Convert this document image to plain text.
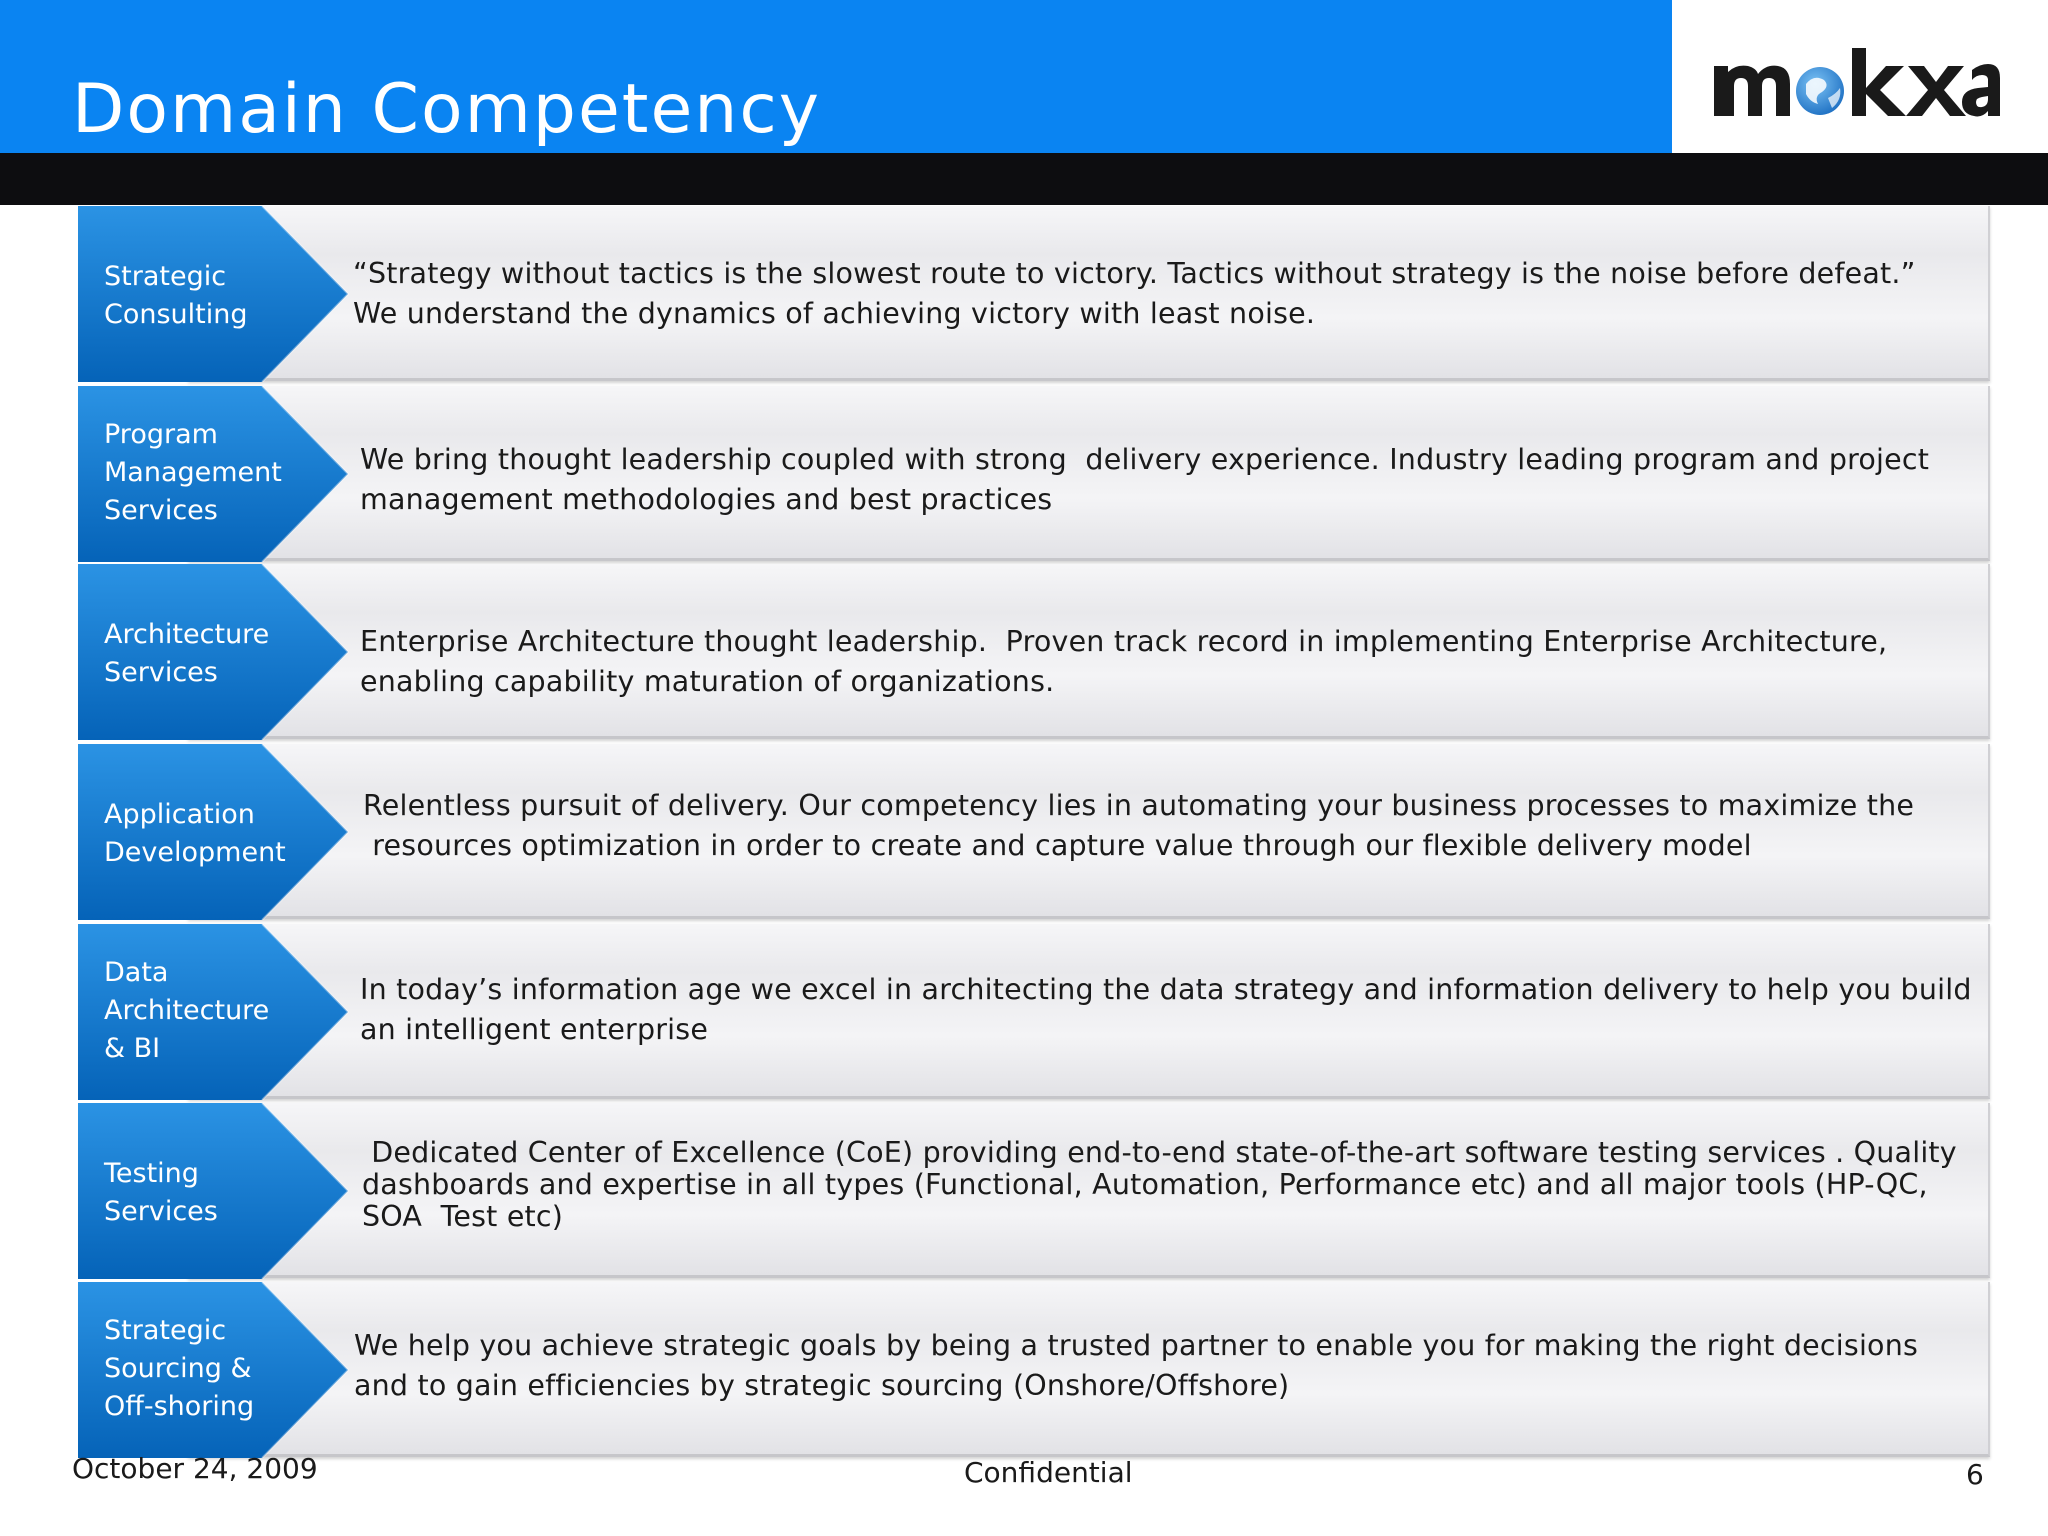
Domain Competency
Strategic
Consulting
“Strategy without tactics is the slowest route to victory. Tactics without strategy is the noise before defeat.”
We understand the dynamics of achieving victory with least noise.
Program
Management
Services
We bring thought leadership coupled with strong  delivery experience. Industry leading program and project
management methodologies and best practices
Architecture
Services
Enterprise Architecture thought leadership.  Proven track record in implementing Enterprise Architecture,
enabling capability maturation of organizations.
Application
Development
Relentless pursuit of delivery. Our competency lies in automating your business processes to maximize the
resources optimization in order to create and capture value through our flexible delivery model
Data
Architecture
& BI
In today’s information age we excel in architecting the data strategy and information delivery to help you build
an intelligent enterprise
Testing
Services
Dedicated Center of Excellence (CoE) providing end-to-end state-of-the-art software testing services . Quality
dashboards and expertise in all types (Functional, Automation, Performance etc) and all major tools (HP-QC,
SOA  Test etc)
Strategic
Sourcing &
Off-shoring
We help you achieve strategic goals by being a trusted partner to enable you for making the right decisions
and to gain efficiencies by strategic sourcing (Onshore/Offshore)
October 24, 2009	Confidential	6
